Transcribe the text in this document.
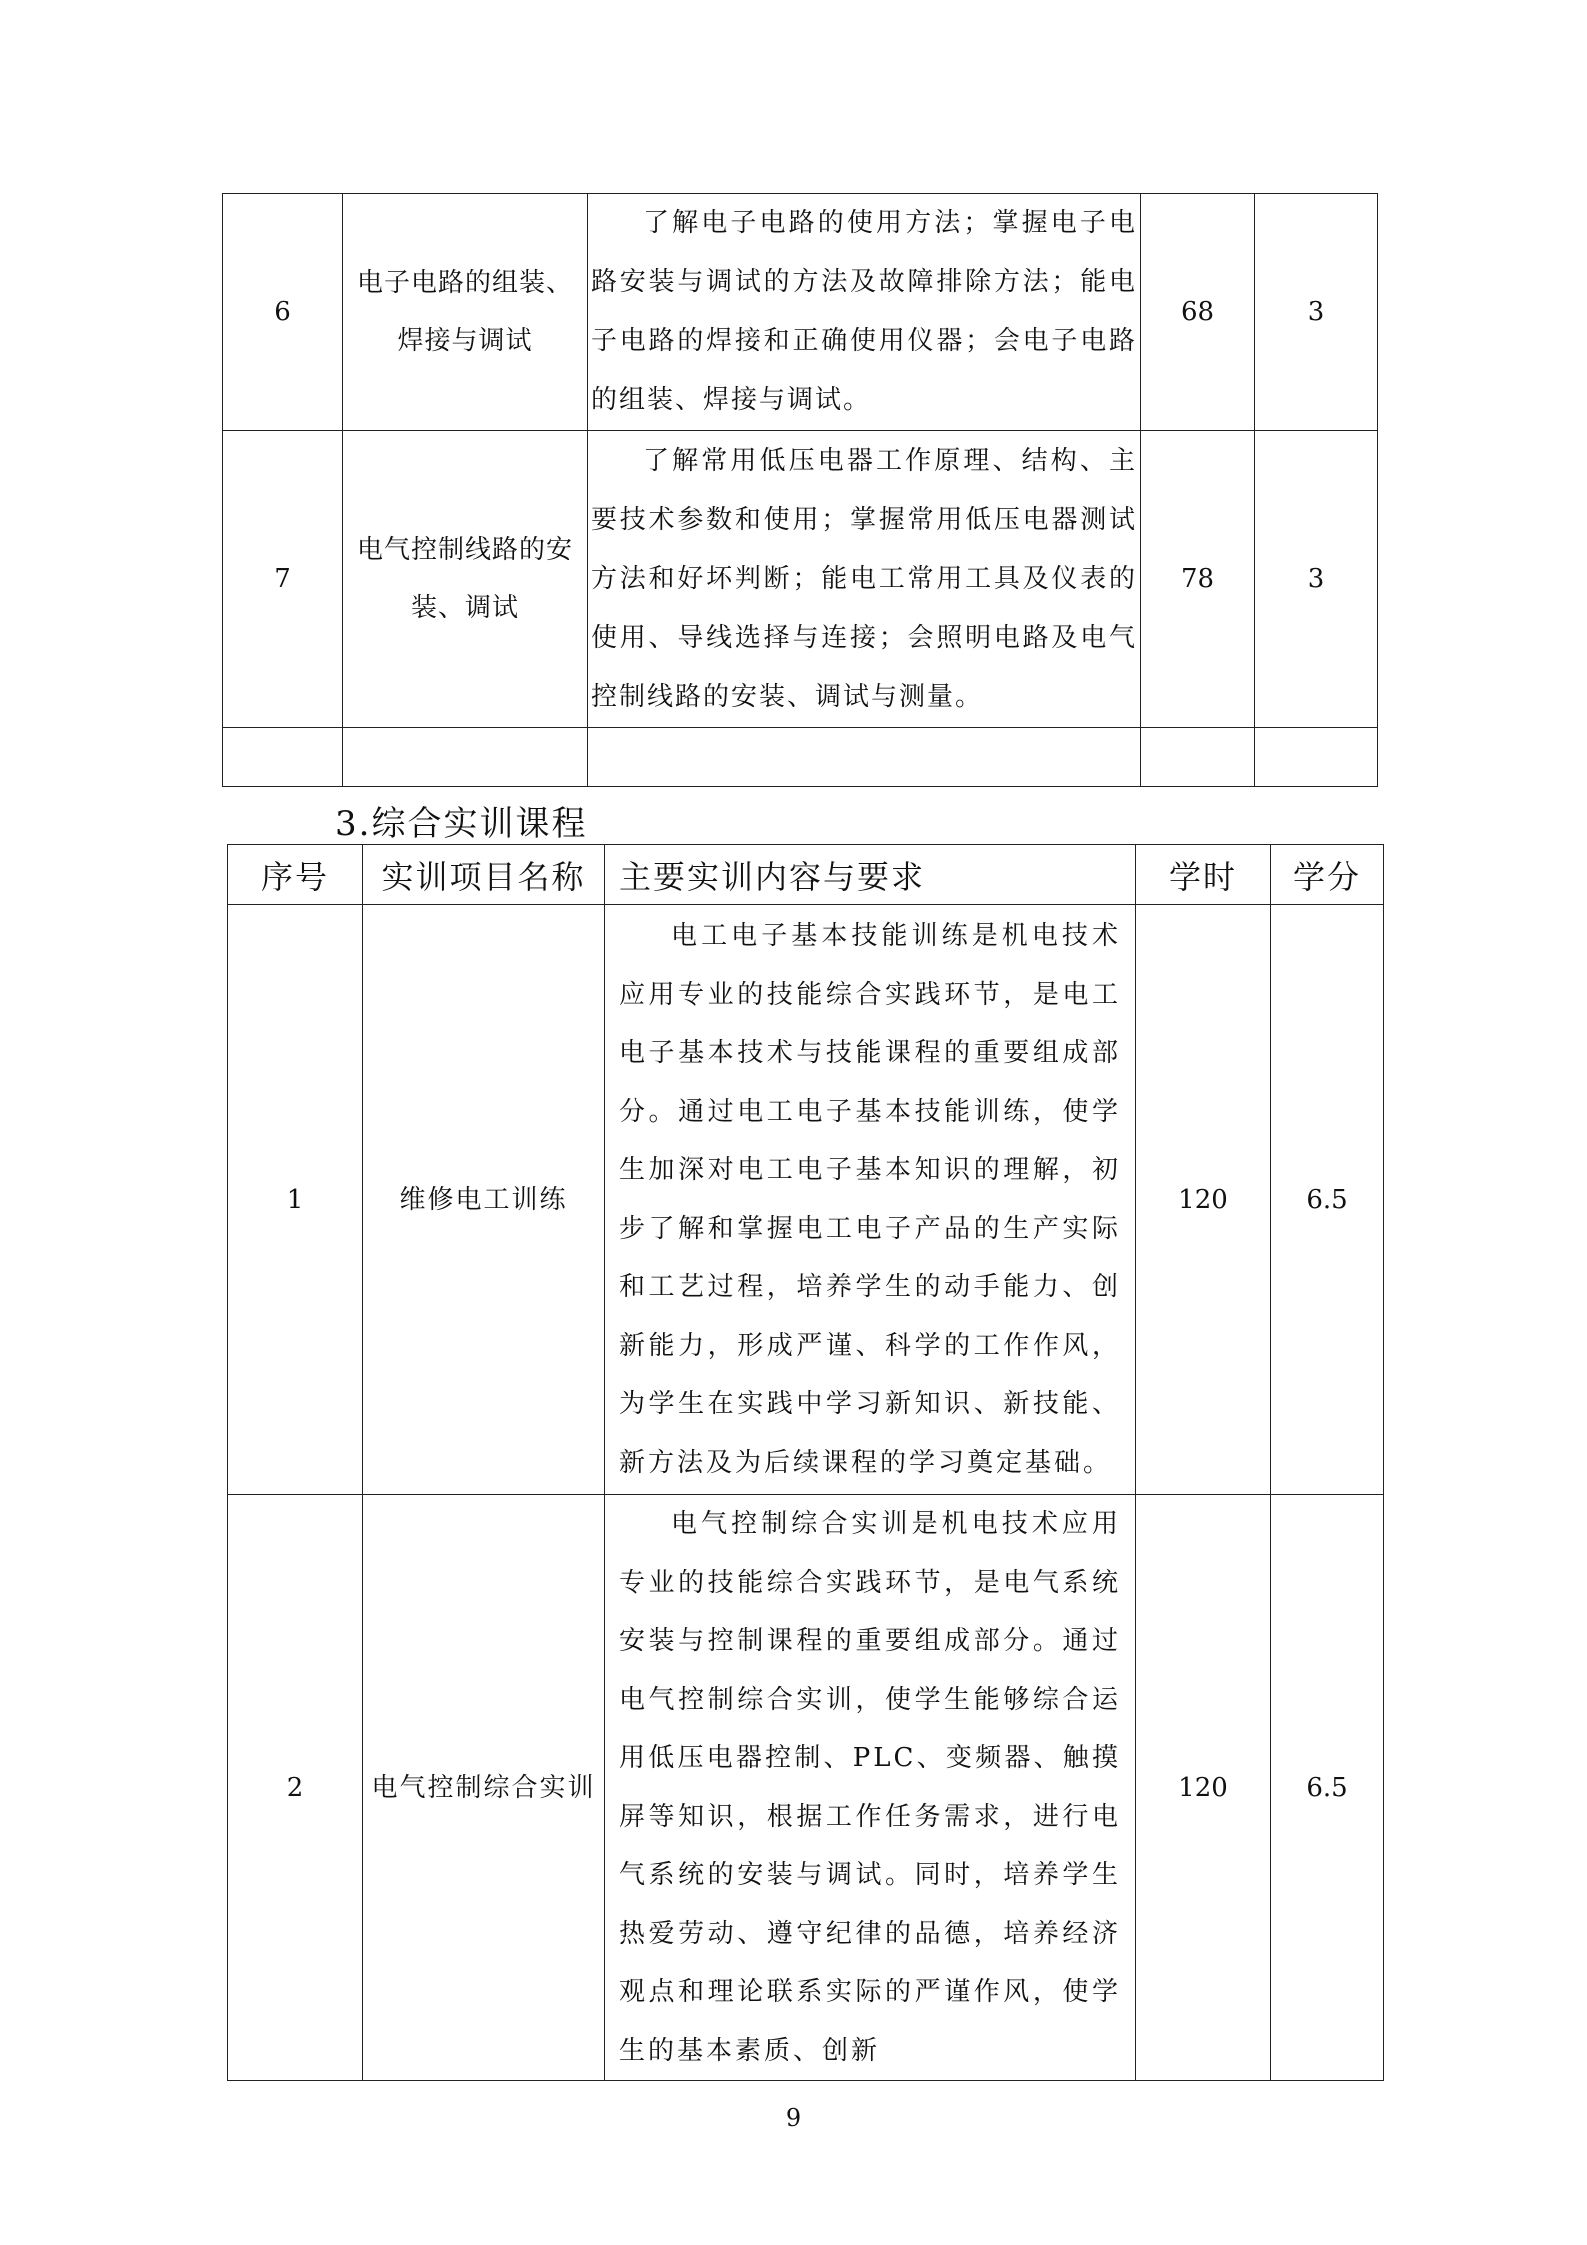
6	电子电路的组装、焊接与调试	了解电子电路的使用方法；掌握电子电路安装与调试的方法及故障排除方法；能电子电路的焊接和正确使用仪器；会电子电路的组装、焊接与调试。	68	3
7	电气控制线路的安装、调试	了解常用低压电器工作原理、结构、主要技术参数和使用；掌握常用低压电器测试方法和好坏判断；能电工常用工具及仪表的使用、导线选择与连接；会照明电路及电气控制线路的安装、调试与测量。	78	3

3.综合实训课程
序号	实训项目名称	主要实训内容与要求	学时	学分
1	维修电工训练	电工电子基本技能训练是机电技术应用专业的技能综合实践环节，是电工电子基本技术与技能课程的重要组成部分。通过电工电子基本技能训练，使学生加深对电工电子基本知识的理解，初步了解和掌握电工电子产品的生产实际和工艺过程，培养学生的动手能力、创新能力，形成严谨、科学的工作作风，为学生在实践中学习新知识、新技能、新方法及为后续课程的学习奠定基础。	120	6.5
2	电气控制综合实训	电气控制综合实训是机电技术应用专业的技能综合实践环节，是电气系统安装与控制课程的重要组成部分。通过电气控制综合实训，使学生能够综合运用低压电器控制、PLC、变频器、触摸屏等知识，根据工作任务需求，进行电气系统的安装与调试。同时，培养学生热爱劳动、遵守纪律的品德，培养经济观点和理论联系实际的严谨作风，使学生的基本素质、创新	120	6.5
9
